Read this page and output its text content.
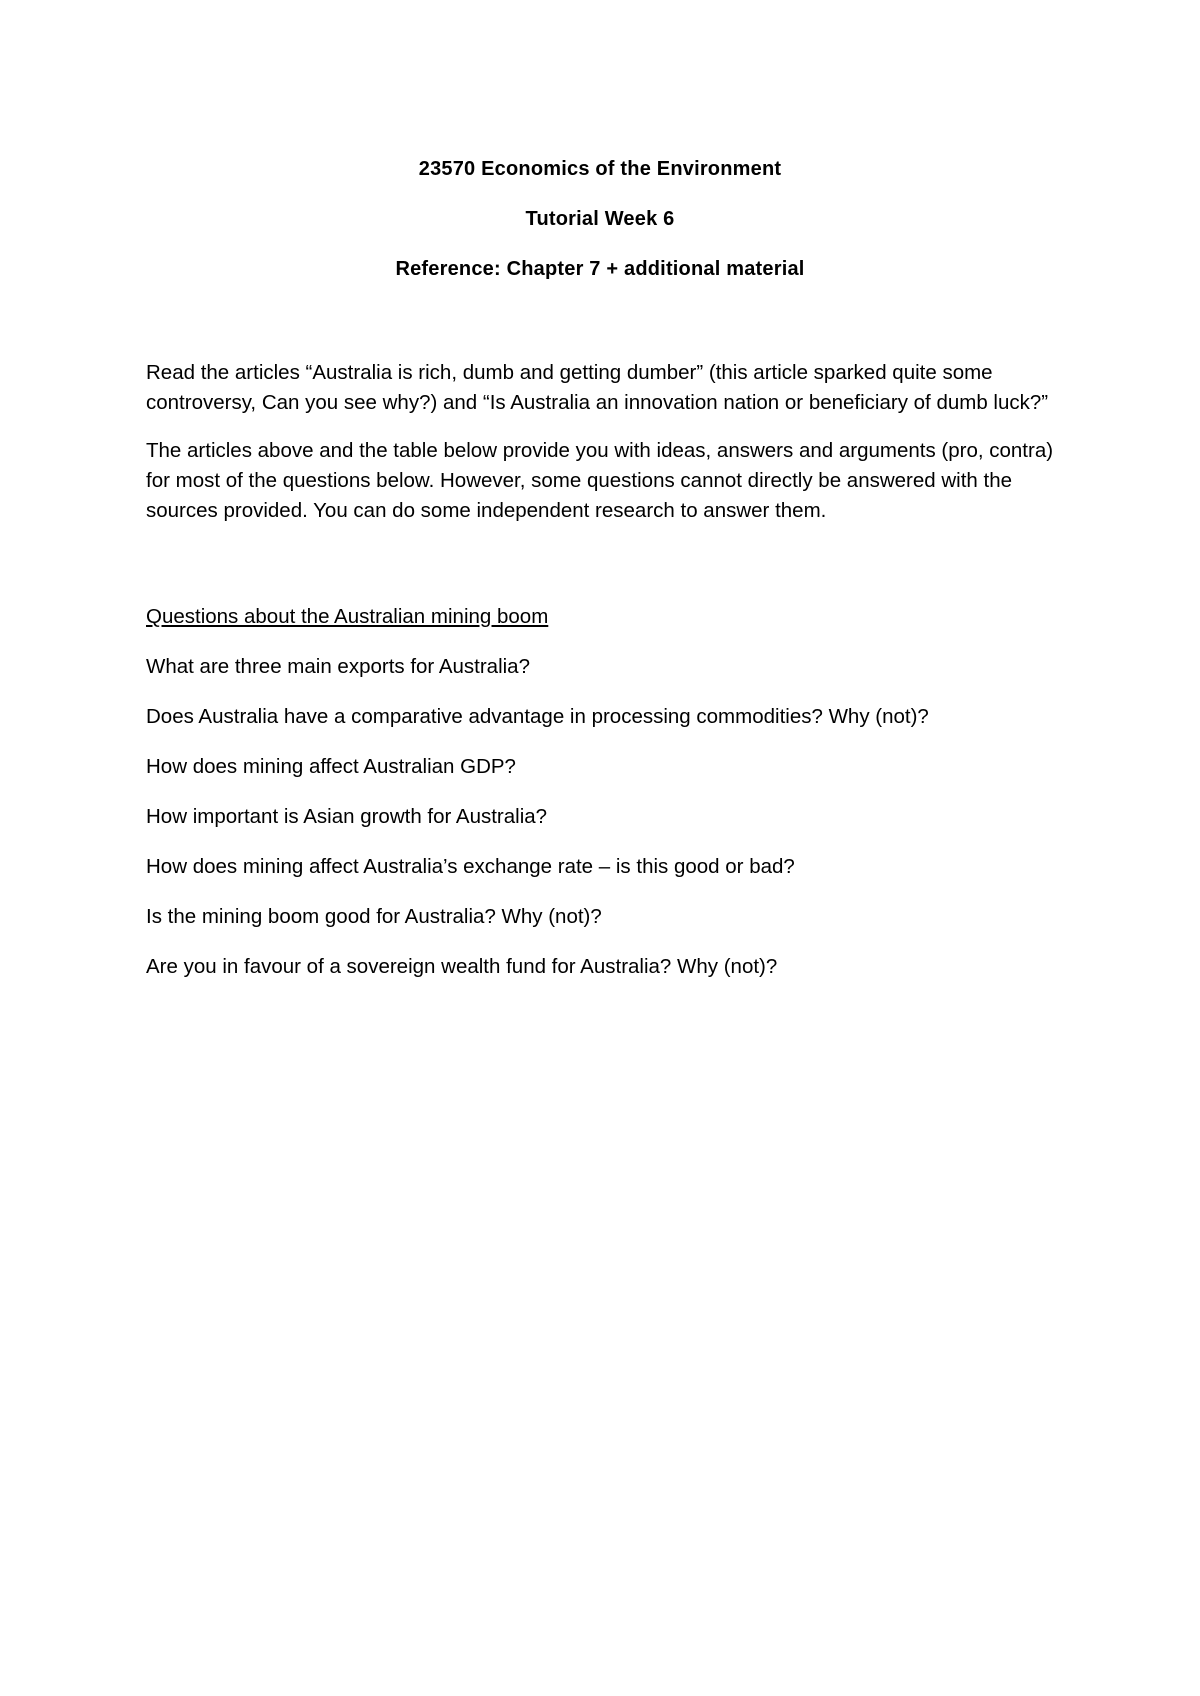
23570 Economics of the Environment
Tutorial Week 6
Reference: Chapter 7 + additional material

Read the articles “Australia is rich, dumb and getting dumber” (this article sparked quite some controversy, Can you see why?) and “Is Australia an innovation nation or beneficiary of dumb luck?”

The articles above and the table below provide you with ideas, answers and arguments (pro, contra) for most of the questions below. However, some questions cannot directly be answered with the sources provided. You can do some independent research to answer them.

Questions about the Australian mining boom

What are three main exports for Australia?

Does Australia have a comparative advantage in processing commodities? Why (not)?

How does mining affect Australian GDP?

How important is Asian growth for Australia?

How does mining affect Australia’s exchange rate – is this good or bad?

Is the mining boom good for Australia? Why (not)?

Are you in favour of a sovereign wealth fund for Australia? Why (not)?
